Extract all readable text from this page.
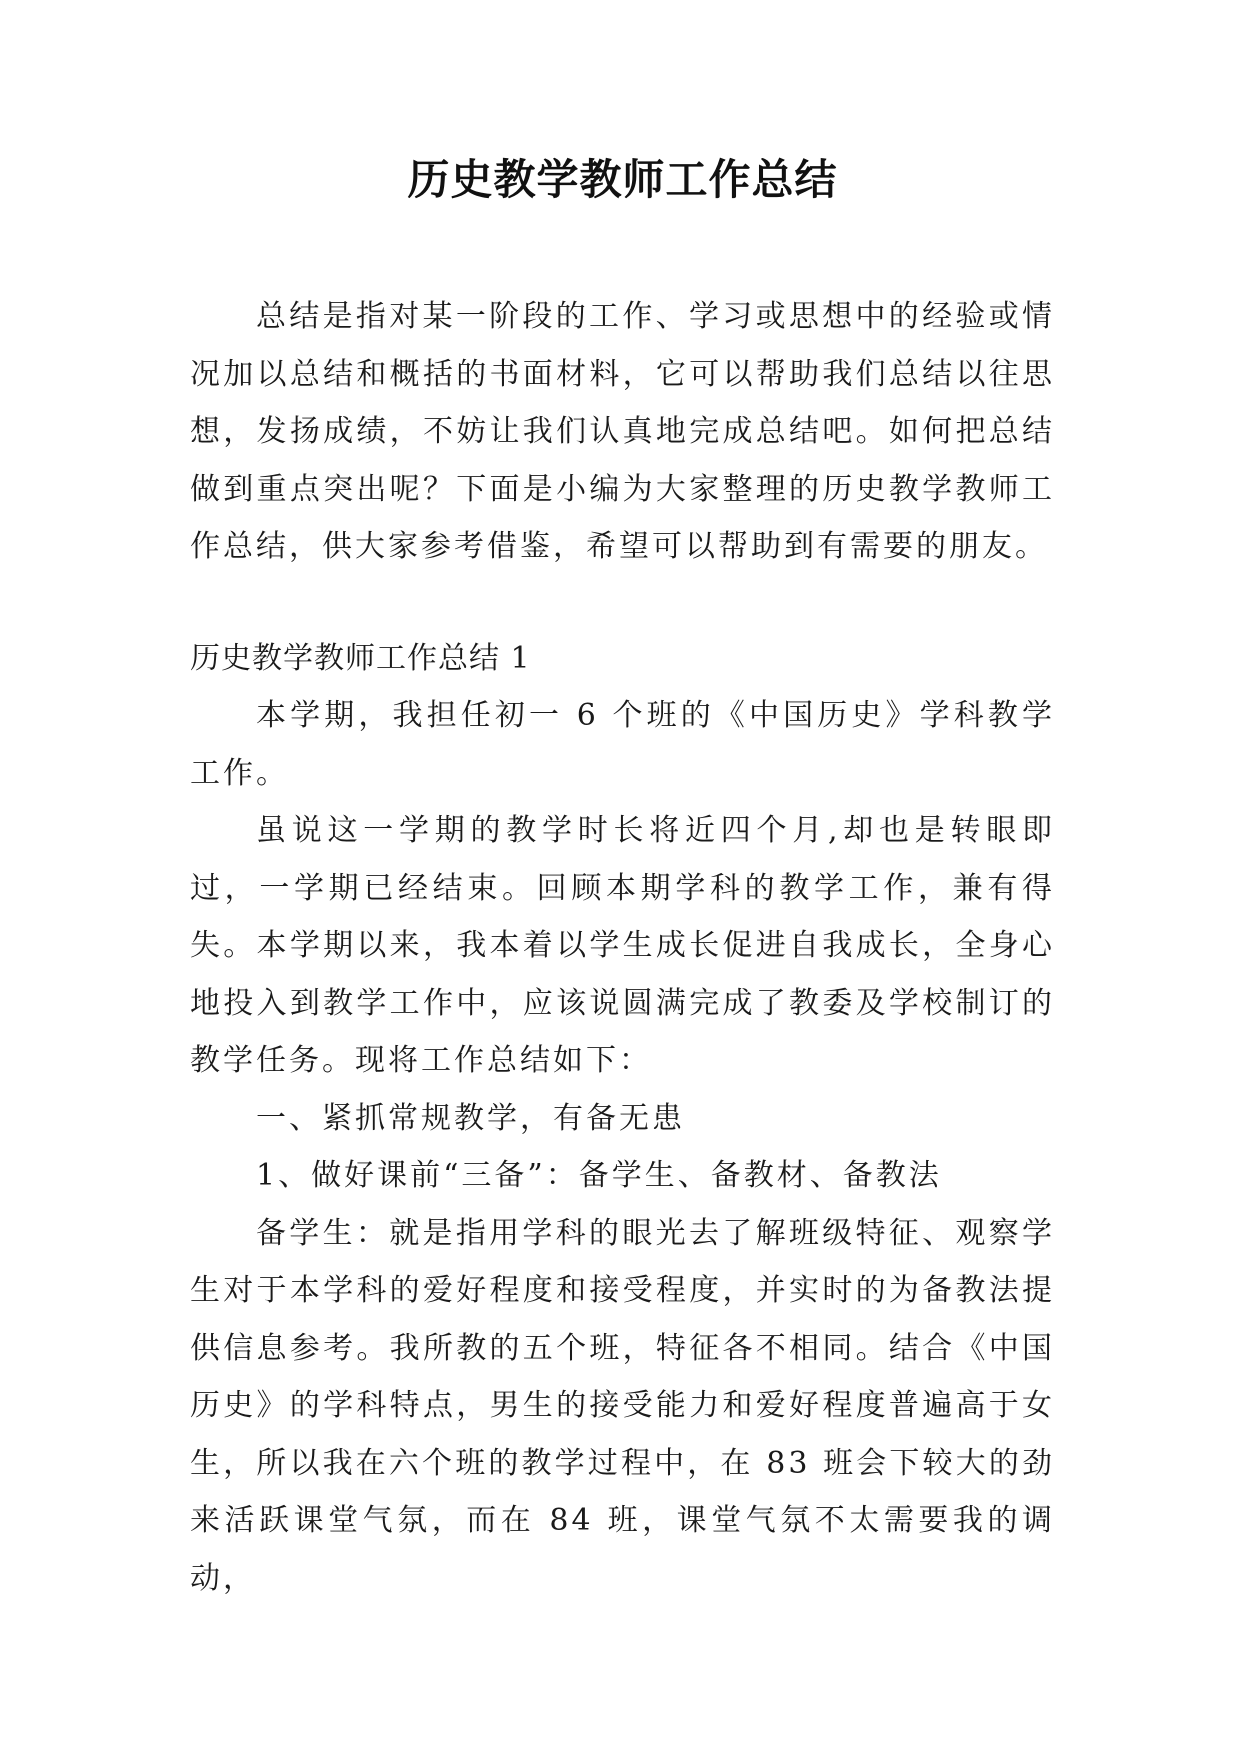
历史教学教师工作总结

总结是指对某一阶段的工作、学习或思想中的经验或情况加以总结和概括的书面材料，它可以帮助我们总结以往思想，发扬成绩，不妨让我们认真地完成总结吧。如何把总结做到重点突出呢？下面是小编为大家整理的历史教学教师工作总结，供大家参考借鉴，希望可以帮助到有需要的朋友。

历史教学教师工作总结 1

本学期，我担任初一 6 个班的《中国历史》学科教学工作。

虽说这一学期的教学时长将近四个月,却也是转眼即过，一学期已经结束。回顾本期学科的教学工作，兼有得失。本学期以来，我本着以学生成长促进自我成长，全身心地投入到教学工作中，应该说圆满完成了教委及学校制订的教学任务。现将工作总结如下：

一、紧抓常规教学，有备无患

1、做好课前“三备”：备学生、备教材、备教法

备学生：就是指用学科的眼光去了解班级特征、观察学生对于本学科的爱好程度和接受程度，并实时的为备教法提供信息参考。我所教的五个班，特征各不相同。结合《中国历史》的学科特点，男生的接受能力和爱好程度普遍高于女生，所以我在六个班的教学过程中，在 83 班会下较大的劲来活跃课堂气氛，而在 84 班，课堂气氛不太需要我的调动，
